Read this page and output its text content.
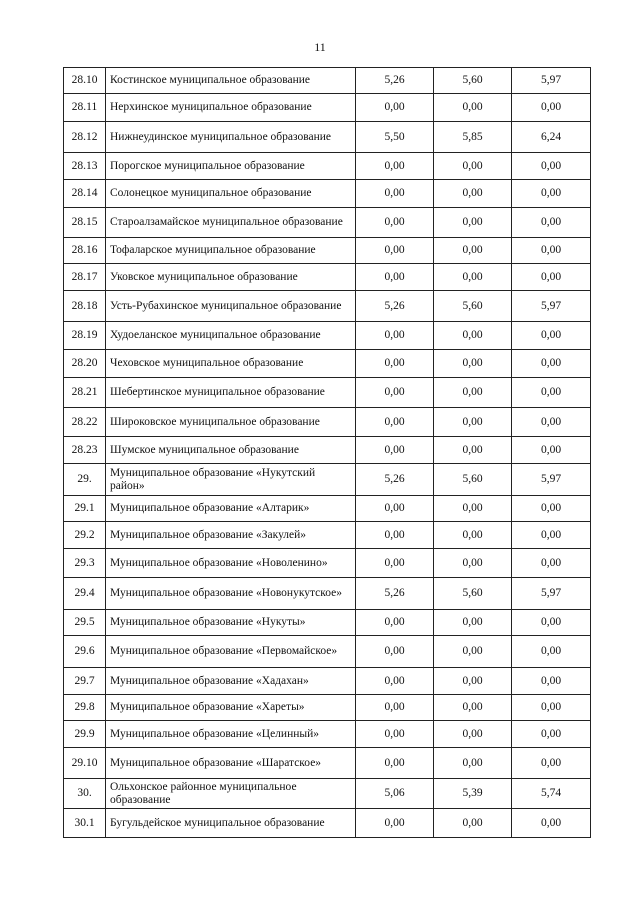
11
28.10	Костинское муниципальное образование	5,26	5,60	5,97
28.11	Нерхинское муниципальное образование	0,00	0,00	0,00
28.12	Нижнеудинское муниципальное образование	5,50	5,85	6,24
28.13	Порогское муниципальное образование	0,00	0,00	0,00
28.14	Солонецкое муниципальное образование	0,00	0,00	0,00
28.15	Староалзамайское муниципальное образование	0,00	0,00	0,00
28.16	Тофаларское муниципальное образование	0,00	0,00	0,00
28.17	Уковское муниципальное образование	0,00	0,00	0,00
28.18	Усть-Рубахинское муниципальное образование	5,26	5,60	5,97
28.19	Худоеланское муниципальное образование	0,00	0,00	0,00
28.20	Чеховское муниципальное образование	0,00	0,00	0,00
28.21	Шебертинское муниципальное образование	0,00	0,00	0,00
28.22	Широковское муниципальное образование	0,00	0,00	0,00
28.23	Шумское муниципальное образование	0,00	0,00	0,00
29.	Муниципальное образование «Нукутский район»	5,26	5,60	5,97
29.1	Муниципальное образование «Алтарик»	0,00	0,00	0,00
29.2	Муниципальное образование «Закулей»	0,00	0,00	0,00
29.3	Муниципальное образование «Новоленино»	0,00	0,00	0,00
29.4	Муниципальное образование «Новонукутское»	5,26	5,60	5,97
29.5	Муниципальное образование «Нукуты»	0,00	0,00	0,00
29.6	Муниципальное образование «Первомайское»	0,00	0,00	0,00
29.7	Муниципальное образование «Хадахан»	0,00	0,00	0,00
29.8	Муниципальное образование «Хареты»	0,00	0,00	0,00
29.9	Муниципальное образование «Целинный»	0,00	0,00	0,00
29.10	Муниципальное образование «Шаратское»	0,00	0,00	0,00
30.	Ольхонское районное муниципальное образование	5,06	5,39	5,74
30.1	Бугульдейское муниципальное образование	0,00	0,00	0,00
